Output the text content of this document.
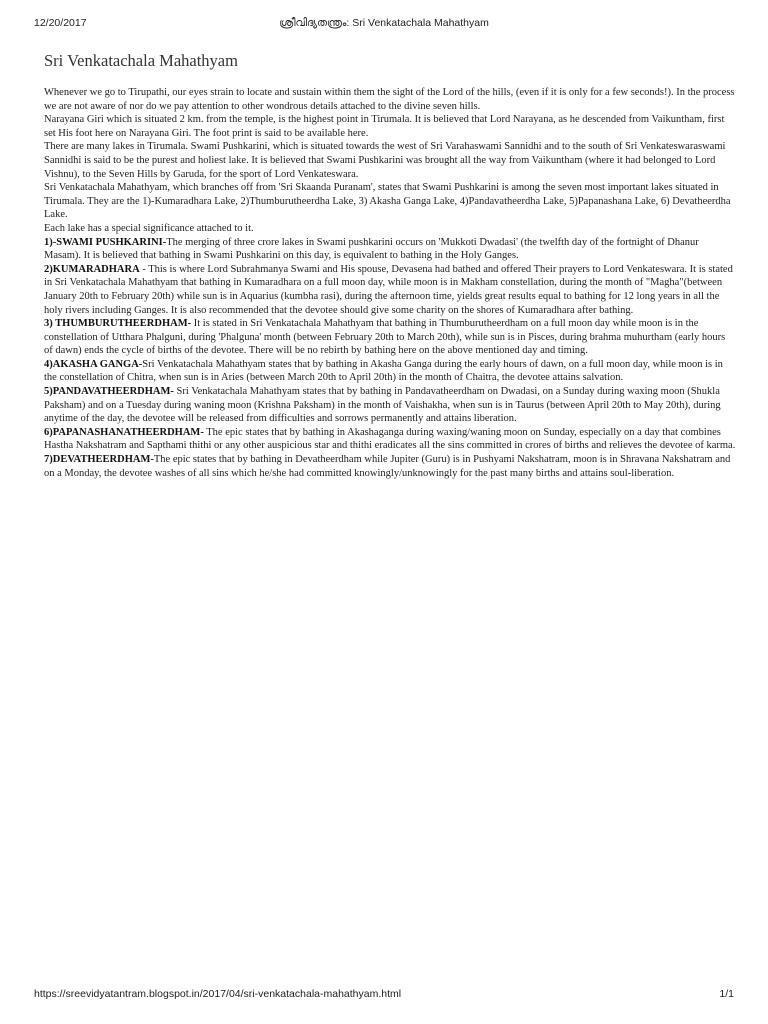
12/20/2017	ശ്രീവിദ്യതന്ത്രം: Sri Venkatachala Mahathyam
Sri Venkatachala Mahathyam

Whenever we go to Tirupathi, our eyes strain to locate and sustain within them the sight of the Lord of the hills, (even if it is only for a few seconds!). In the process we are not aware of nor do we pay attention to other wondrous details attached to the divine seven hills.

Narayana Giri which is situated 2 km. from the temple, is the highest point in Tirumala. It is believed that Lord Narayana, as he descended from Vaikuntham, first set His foot here on Narayana Giri. The foot print is said to be available here.

There are many lakes in Tirumala. Swami Pushkarini, which is situated towards the west of Sri Varahaswami Sannidhi and to the south of Sri Venkateswaraswami Sannidhi is said to be the purest and holiest lake. It is believed that Swami Pushkarini was brought all the way from Vaikuntham (where it had belonged to Lord Vishnu), to the Seven Hills by Garuda, for the sport of Lord Venkateswara.

Sri Venkatachala Mahathyam, which branches off from 'Sri Skaanda Puranam', states that Swami Pushkarini is among the seven most important lakes situated in Tirumala. They are the 1)-Kumaradhara Lake, 2)Thumburutheerdha Lake, 3) Akasha Ganga Lake, 4)Pandavatheerdha Lake, 5)Papanashana Lake, 6) Devatheerdha Lake.

Each lake has a special significance attached to it.

1)-SWAMI PUSHKARINI-The merging of three crore lakes in Swami pushkarini occurs on 'Mukkoti Dwadasi' (the twelfth day of the fortnight of Dhanur Masam). It is believed that bathing in Swami Pushkarini on this day, is equivalent to bathing in the Holy Ganges.

2)KUMARADHARA - This is where Lord Subrahmanya Swami and His spouse, Devasena had bathed and offered Their prayers to Lord Venkateswara. It is stated in Sri Venkatachala Mahathyam that bathing in Kumaradhara on a full moon day, while moon is in Makham constellation, during the month of "Magha"(between January 20th to February 20th) while sun is in Aquarius (kumbha rasi), during the afternoon time, yields great results equal to bathing for 12 long years in all the holy rivers including Ganges. It is also recommended that the devotee should give some charity on the shores of Kumaradhara after bathing.

3) THUMBURUTHEERDHAM- It is stated in Sri Venkatachala Mahathyam that bathing in Thumburutheerdham on a full moon day while moon is in the constellation of Utthara Phalguni, during 'Phalguna' month (between February 20th to March 20th), while sun is in Pisces, during brahma muhurtham (early hours of dawn) ends the cycle of births of the devotee. There will be no rebirth by bathing here on the above mentioned day and timing.

4)AKASHA GANGA-Sri Venkatachala Mahathyam states that by bathing in Akasha Ganga during the early hours of dawn, on a full moon day, while moon is in the constellation of Chitra, when sun is in Aries (between March 20th to April 20th) in the month of Chaitra, the devotee attains salvation.

5)PANDAVATHEERDHAM- Sri Venkatachala Mahathyam states that by bathing in Pandavatheerdham on Dwadasi, on a Sunday during waxing moon (Shukla Paksham) and on a Tuesday during waning moon (Krishna Paksham) in the month of Vaishakha, when sun is in Taurus (between April 20th to May 20th), during anytime of the day, the devotee will be released from difficulties and sorrows permanently and attains liberation.

6)PAPANASHANATHEERDHAM- The epic states that by bathing in Akashaganga during waxing/waning moon on Sunday, especially on a day that combines Hastha Nakshatram and Sapthami thithi or any other auspicious star and thithi eradicates all the sins committed in crores of births and relieves the devotee of karma.

7)DEVATHEERDHAM-The epic states that by bathing in Devatheerdham while Jupiter (Guru) is in Pushyami Nakshatram, moon is in Shravana Nakshatram and on a Monday, the devotee washes of all sins which he/she had committed knowingly/unknowingly for the past many births and attains soul-liberation.

https://sreevidyatantram.blogspot.in/2017/04/sri-venkatachala-mahathyam.html	1/1
